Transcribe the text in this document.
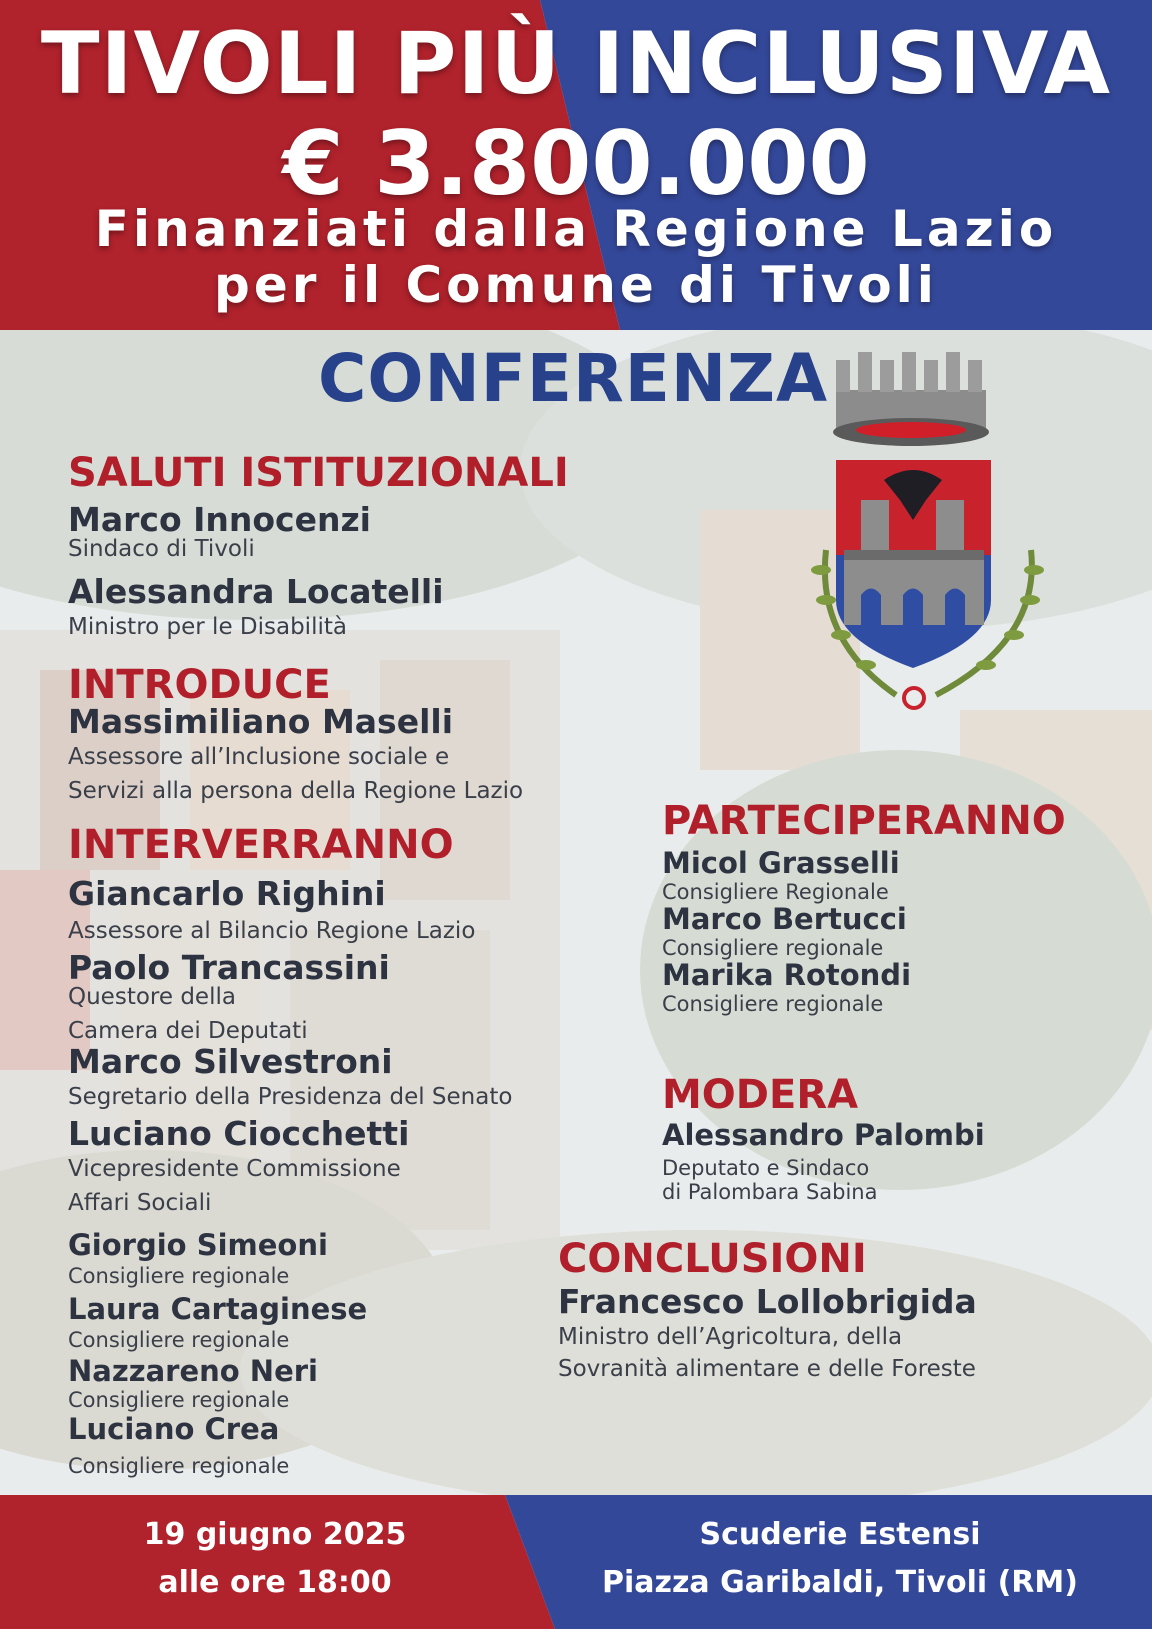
TIVOLI PIÙ INCLUSIVA
€ 3.800.000
Finanziati dalla Regione Lazio
per il Comune di Tivoli
CONFERENZA
SALUTI ISTITUZIONALI
Marco Innocenzi
Sindaco di Tivoli
Alessandra Locatelli
Ministro per le Disabilità
INTRODUCE
Massimiliano Maselli
Assessore all’Inclusione sociale e
Servizi alla persona della Regione Lazio
INTERVERRANNO
Giancarlo Righini
Assessore al Bilancio Regione Lazio
Paolo Trancassini
Questore della
Camera dei Deputati
Marco Silvestroni
Segretario della Presidenza del Senato
Luciano Ciocchetti
Vicepresidente Commissione
Affari Sociali
Giorgio Simeoni
Consigliere regionale
Laura Cartaginese
Consigliere regionale
Nazzareno Neri
Consigliere regionale
Luciano Crea
Consigliere regionale
PARTECIPERANNO
Micol Grasselli
Consigliere Regionale
Marco Bertucci
Consigliere regionale
Marika Rotondi
Consigliere regionale
MODERA
Alessandro Palombi
Deputato e Sindaco
di Palombara Sabina
CONCLUSIONI
Francesco Lollobrigida
Ministro dell’Agricoltura, della
Sovranità alimentare e delle Foreste
19 giugno 2025
alle ore 18:00
Scuderie Estensi
Piazza Garibaldi, Tivoli (RM)
